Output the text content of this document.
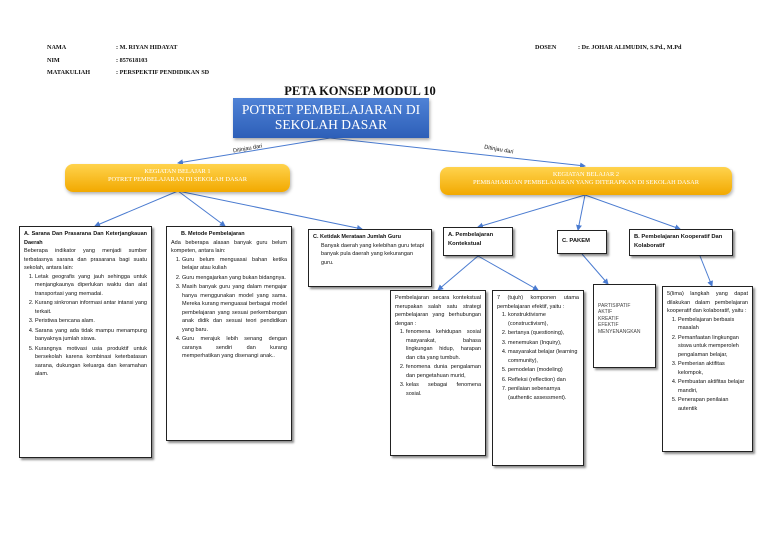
NAMA	: M. RIYAN HIDAYAT
NIM	: 857618103
MATAKULIAH	: PERSPEKTIF PENDIDIKAN SD
DOSEN	: Dr. JOHAR ALIMUDIN, S.Pd., M.Pd
PETA KONSEP MODUL 10
POTRET PEMBELAJARAN DI SEKOLAH DASAR
Ditinjau dari	Ditinjau dari
KEGIATAN BELAJAR 1
POTRET PEMBELAJARAN DI SEKOLAH DASAR
KEGIATAN BELAJAR 2
PEMBAHARUAN PEMBELAJARAN YANG DITERAPKAN DI SEKOLAH DASAR
A. Sarana Dan Prasarana Dan Keterjangkauan Daerah
Beberapa indikator yang menjadi sumber terbatasnya sarana dan prasarana bagi suatu sekolah, antara lain:
1. Letak geografis yang jauh sehingga untuk menjangkaunya diperlukan waktu dan alat transportasi yang memadai.
2. Kurang sinkronan informasi antar intansi yang terkait.
3. Peristiwa bencana alam.
4. Sarana yang ada tidak mampu menampung banyaknya jumlah siswa.
5. Kurangnya motivasi usia produktif untuk bersekolah karena kombinasi keterbatasan sarana, dukungan keluarga dan keramahan alam.
B. Metode Pembelajaran
Ada beberapa alasan banyak guru belum kompeten, antara lain:
1. Guru belum menguasai bahan ketika belajar atau kuliah
2. Guru mengajarkan yang bukan bidangnya.
3. Masih banyak guru yang dalam mengajar hanya menggunakan model yang sama. Mereka kurang menguasai berbagai model pembelajaran yang sesuai perkembangan anak didik dan sesuai teori pendidikan yang baru.
4. Guru merajuk lebih senang dengan caranya sendiri dan kurang memperhatikan yang disenangi anak..
C. Ketidak Merataan Jumlah Guru
Banyak daerah yang kelebihan guru tetapi banyak pula daerah yang kekurangan guru.
A. Pembelajaran Kontekstual	C. PAKEM
B. Pembelajaran Kooperatif Dan Kolaboratif
Pembelajaran secara kontekstual merupakan salah satu strategi pembelajaran yang berhubungan dengan :
1. fenomena kehidupan sosial masyarakat, bahasa lingkungan hidup, harapan dan cita yang tumbuh.
2. fenomena dunia pengalaman dan pengetahuan murid,
3. kelas sebagai fenomena sosial.
7 (tujuh) komponen utama pembelajaran efektif, yaitu :
1. konstruktivisme (constructivism),
2. bertanya (questioning),
3. menemukan (Inquiry),
4. masyarakat belajar (learning community),
5. pemodelan (modeling)
6. Refleksi (reflection) dan
7. penilaian sebenarnya (authentic assessment).
PARTISIPATIF
AKTIF
KREATIF
EFEKTIF
MENYENANGKAN
5(lima) langkah yang dapat dilakukan dalam pembelajaran kooperatif dan kolaboratif, yaitu :
1. Pembelajaran berbasis masalah
2. Pemanfaatan lingkungan siswa untuk memperoleh pengalaman belajar,
3. Pemberian aktifitas kelompok,
4. Pembuatan aktifitas belajar mandiri,
5. Penerapan penilaian autentik
